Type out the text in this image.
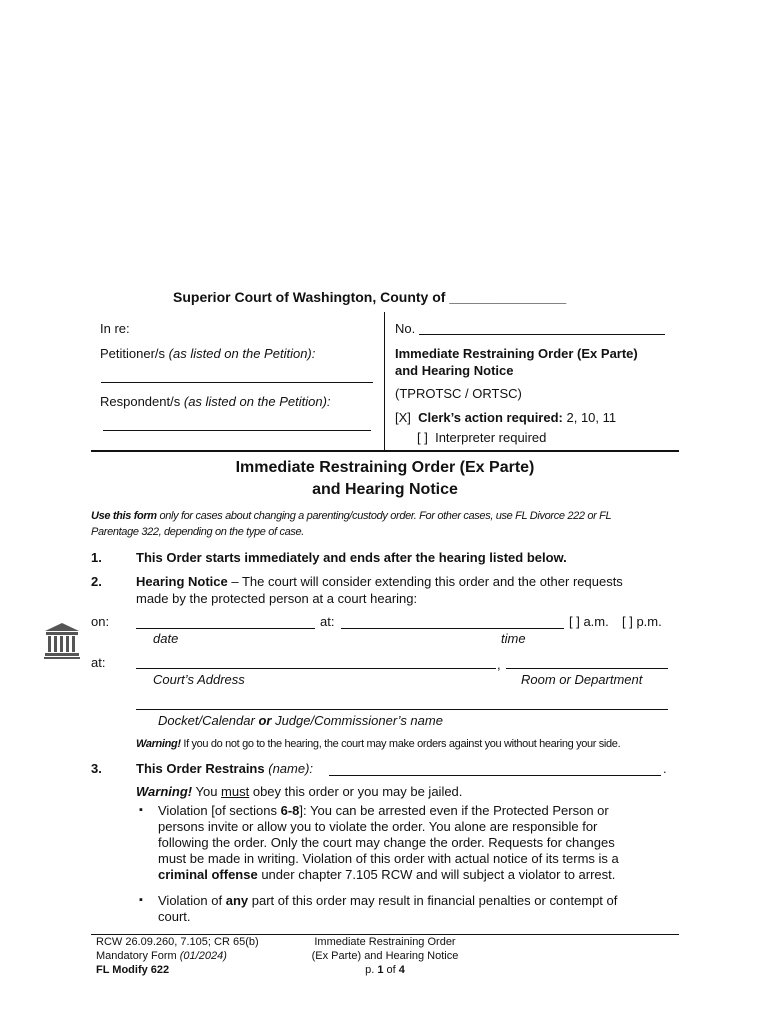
Superior Court of Washington, County of _______________
In re:
Petitioner/s (as listed on the Petition):
Respondent/s (as listed on the Petition):
No.
Immediate Restraining Order (Ex Parte)
and Hearing Notice
(TPROTSC / ORTSC)
[X] Clerk’s action required: 2, 10, 11
[ ] Interpreter required
Immediate Restraining Order (Ex Parte)
and Hearing Notice
Use this form only for cases about changing a parenting/custody order. For other cases, use FL Divorce 222 or FL
Parentage 322, depending on the type of case.
1.	This Order starts immediately and ends after the hearing listed below.
2.	Hearing Notice – The court will consider extending this order and the other requests
made by the protected person at a court hearing:
on:	at:	[ ] a.m. [ ] p.m.
date	time
at:	,
Court’s Address	Room or Department
Docket/Calendar or Judge/Commissioner’s name
Warning! If you do not go to the hearing, the court may make orders against you without hearing your side.
3.	This Order Restrains (name):	.
Warning! You must obey this order or you may be jailed.
▪ Violation [of sections 6-8]: You can be arrested even if the Protected Person or
persons invite or allow you to violate the order. You alone are responsible for
following the order. Only the court may change the order. Requests for changes
must be made in writing. Violation of this order with actual notice of its terms is a
criminal offense under chapter 7.105 RCW and will subject a violator to arrest.
▪ Violation of any part of this order may result in financial penalties or contempt of
court.
RCW 26.09.260, 7.105; CR 65(b)
Mandatory Form (01/2024)
FL Modify 622
Immediate Restraining Order
(Ex Parte) and Hearing Notice
p. 1 of 4
